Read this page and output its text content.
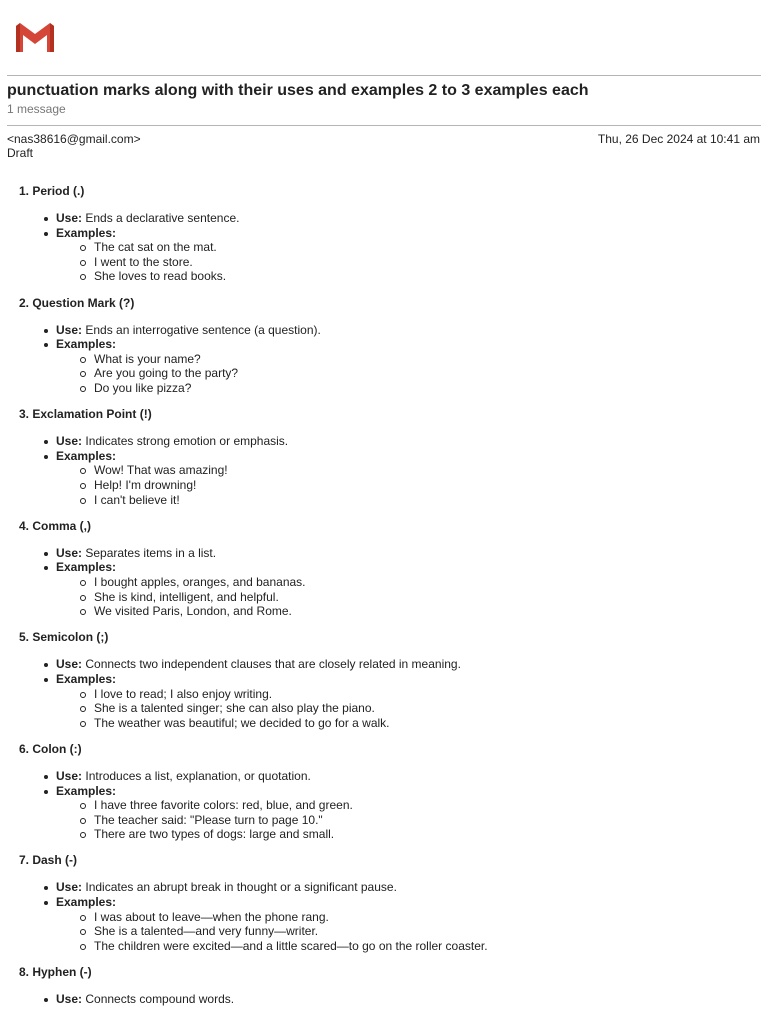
punctuation marks along with their uses and examples 2 to 3 examples each
1 message
<nas38616@gmail.com>	Thu, 26 Dec 2024 at 10:41 am
Draft
1. Period (.)
Use: Ends a declarative sentence.
Examples:
The cat sat on the mat.
I went to the store.
She loves to read books.
2. Question Mark (?)
Use: Ends an interrogative sentence (a question).
Examples:
What is your name?
Are you going to the party?
Do you like pizza?
3. Exclamation Point (!)
Use: Indicates strong emotion or emphasis.
Examples:
Wow! That was amazing!
Help! I'm drowning!
I can't believe it!
4. Comma (,)
Use: Separates items in a list.
Examples:
I bought apples, oranges, and bananas.
She is kind, intelligent, and helpful.
We visited Paris, London, and Rome.
5. Semicolon (;)
Use: Connects two independent clauses that are closely related in meaning.
Examples:
I love to read; I also enjoy writing.
She is a talented singer; she can also play the piano.
The weather was beautiful; we decided to go for a walk.
6. Colon (:)
Use: Introduces a list, explanation, or quotation.
Examples:
I have three favorite colors: red, blue, and green.
The teacher said: "Please turn to page 10."
There are two types of dogs: large and small.
7. Dash (-)
Use: Indicates an abrupt break in thought or a significant pause.
Examples:
I was about to leave—when the phone rang.
She is a talented—and very funny—writer.
The children were excited—and a little scared—to go on the roller coaster.
8. Hyphen (-)
Use: Connects compound words.
